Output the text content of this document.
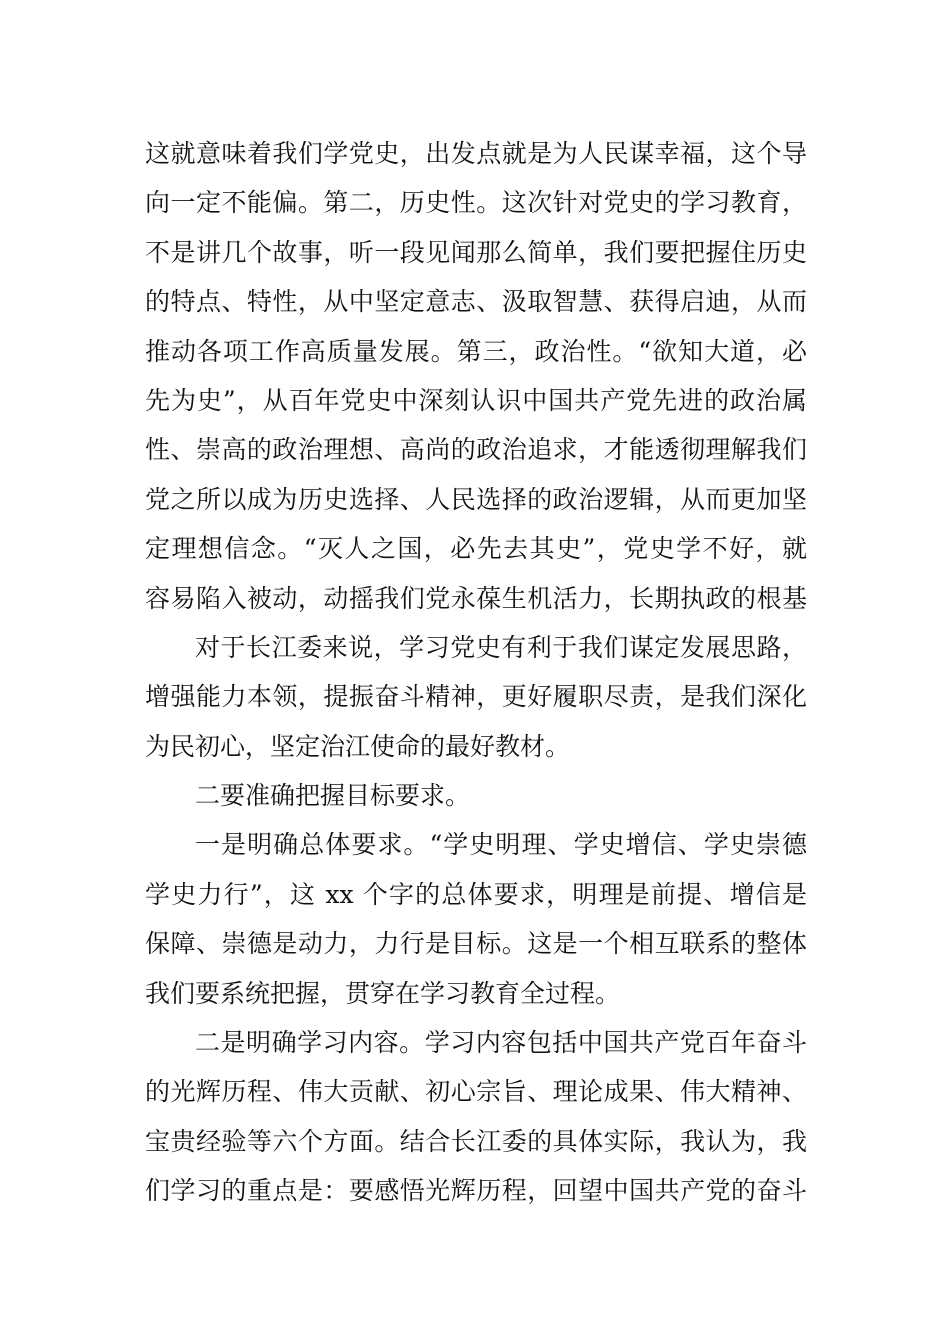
这就意味着我们学党史，出发点就是为人民谋幸福，这个导
向一定不能偏。第二，历史性。这次针对党史的学习教育，
不是讲几个故事，听一段见闻那么简单，我们要把握住历史
的特点、特性，从中坚定意志、汲取智慧、获得启迪，从而
推动各项工作高质量发展。第三，政治性。“欲知大道，必
先为史”，从百年党史中深刻认识中国共产党先进的政治属
性、崇高的政治理想、高尚的政治追求，才能透彻理解我们
党之所以成为历史选择、人民选择的政治逻辑，从而更加坚
定理想信念。“灭人之国，必先去其史”，党史学不好，就
容易陷入被动，动摇我们党永葆生机活力，长期执政的根基
对于长江委来说，学习党史有利于我们谋定发展思路，
增强能力本领，提振奋斗精神，更好履职尽责，是我们深化
为民初心，坚定治江使命的最好教材。
二要准确把握目标要求。
一是明确总体要求。“学史明理、学史增信、学史崇德
学史力行”，这 xx 个字的总体要求，明理是前提、增信是
保障、崇德是动力，力行是目标。这是一个相互联系的整体
我们要系统把握，贯穿在学习教育全过程。
二是明确学习内容。学习内容包括中国共产党百年奋斗
的光辉历程、伟大贡献、初心宗旨、理论成果、伟大精神、
宝贵经验等六个方面。结合长江委的具体实际，我认为，我
们学习的重点是：要感悟光辉历程，回望中国共产党的奋斗
